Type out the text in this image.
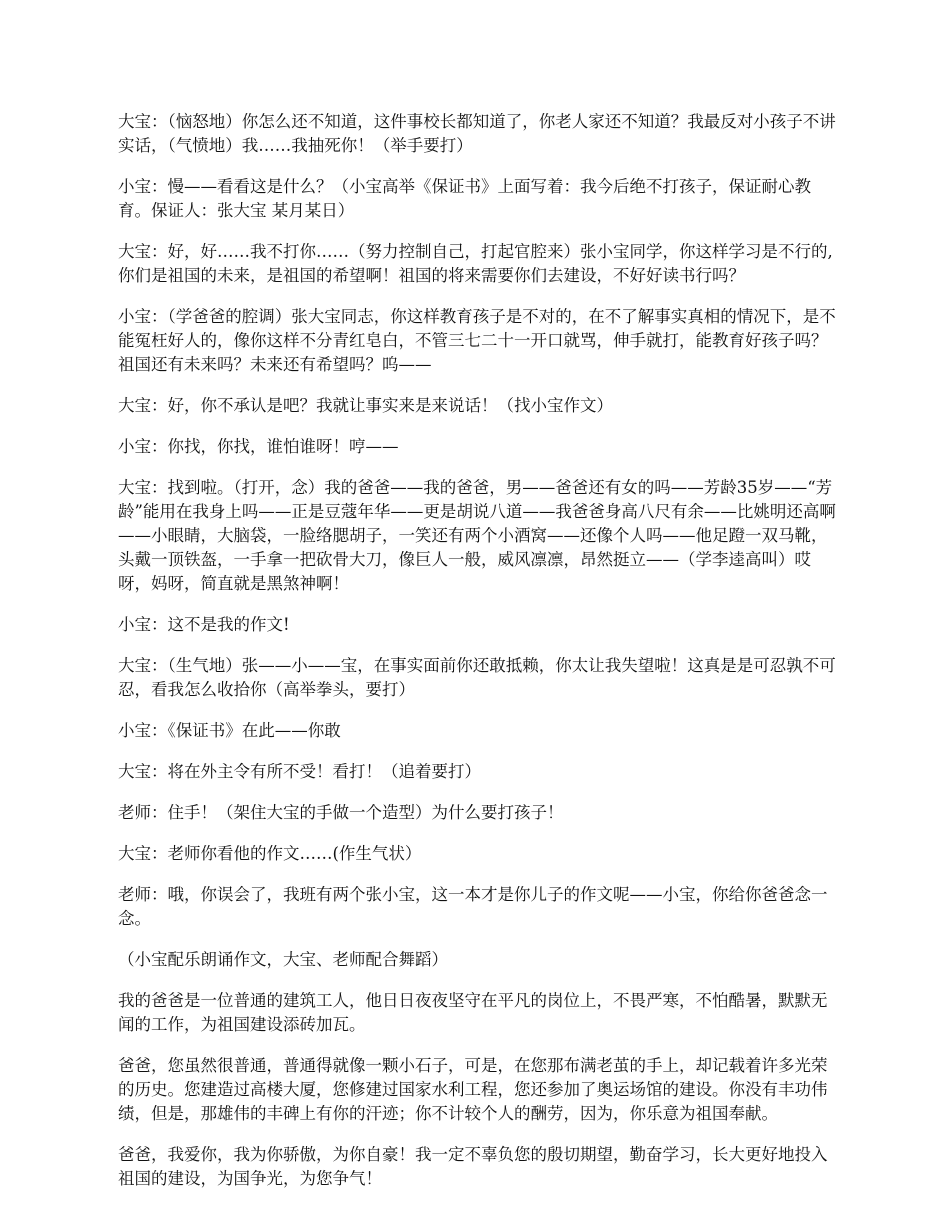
大宝：（恼怒地）你怎么还不知道，这件事校长都知道了，你老人家还不知道？我最反对小孩子不讲实话，（气愤地）我……我抽死你！（举手要打）

小宝：慢——看看这是什么？（小宝高举《保证书》上面写着：我今后绝不打孩子，保证耐心教育。保证人：张大宝 某月某日）

大宝：好，好……我不打你……（努力控制自己，打起官腔来）张小宝同学，你这样学习是不行的,你们是祖国的未来，是祖国的希望啊！祖国的将来需要你们去建设，不好好读书行吗？

小宝：（学爸爸的腔调）张大宝同志，你这样教育孩子是不对的，在不了解事实真相的情况下，是不能冤枉好人的，像你这样不分青红皂白，不管三七二十一开口就骂，伸手就打，能教育好孩子吗？祖国还有未来吗？未来还有希望吗？呜——

大宝：好，你不承认是吧？我就让事实来是来说话！（找小宝作文）

小宝：你找，你找，谁怕谁呀！哼——

大宝：找到啦。（打开，念）我的爸爸——我的爸爸，男——爸爸还有女的吗——芳龄35岁——“芳龄”能用在我身上吗——正是豆蔻年华——更是胡说八道——我爸爸身高八尺有余——比姚明还高啊——小眼睛，大脑袋，一脸络腮胡子，一笑还有两个小酒窝——还像个人吗——他足蹬一双马靴，头戴一顶铁盔，一手拿一把砍骨大刀，像巨人一般，威风凛凛，昂然挺立——（学李逵高叫）哎呀，妈呀，简直就是黑煞神啊！

小宝：这不是我的作文!

大宝：（生气地）张——小——宝，在事实面前你还敢抵赖，你太让我失望啦！这真是是可忍孰不可忍，看我怎么收拾你（高举拳头，要打）

小宝：《保证书》在此——你敢

大宝：将在外主令有所不受！看打！（追着要打）

老师：住手！（架住大宝的手做一个造型）为什么要打孩子！

大宝：老师你看他的作文……(作生气状）

老师：哦，你误会了，我班有两个张小宝，这一本才是你儿子的作文呢——小宝，你给你爸爸念一念。

（小宝配乐朗诵作文，大宝、老师配合舞蹈）

我的爸爸是一位普通的建筑工人，他日日夜夜坚守在平凡的岗位上，不畏严寒，不怕酷暑，默默无闻的工作，为祖国建设添砖加瓦。

爸爸，您虽然很普通，普通得就像一颗小石子，可是，在您那布满老茧的手上，却记载着许多光荣的历史。您建造过高楼大厦，您修建过国家水利工程，您还参加了奥运场馆的建设。你没有丰功伟绩，但是，那雄伟的丰碑上有你的汗迹；你不计较个人的酬劳，因为，你乐意为祖国奉献。

爸爸，我爱你，我为你骄傲，为你自豪！我一定不辜负您的殷切期望，勤奋学习，长大更好地投入祖国的建设，为国争光，为您争气！
